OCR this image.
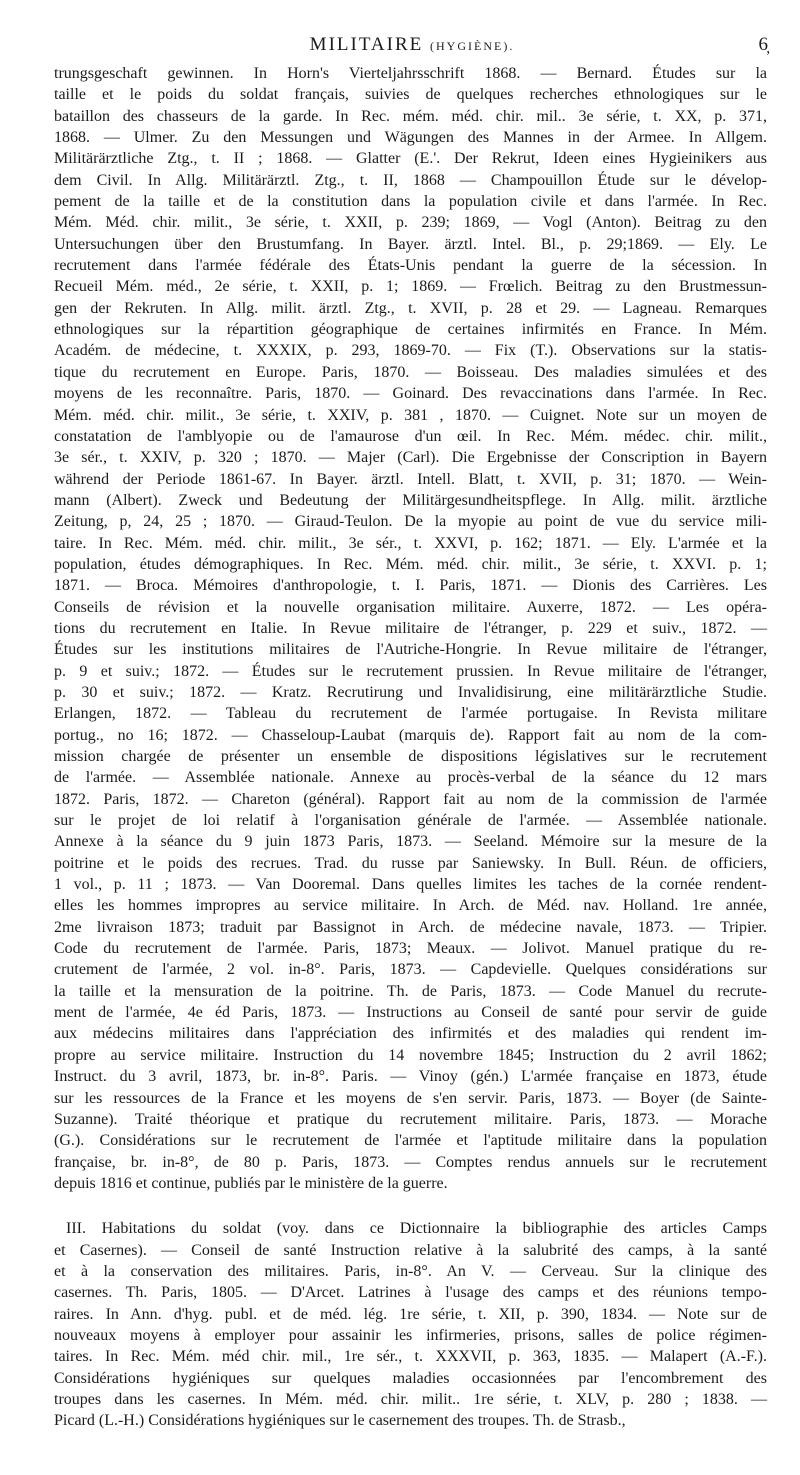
MILITAIRE (HYGIÈNE).	6̦
trungsgeschaft gewinnen. In Horn's Vierteljahrsschrift 1868. — Bernard. Études sur la
taille et le poids du soldat français, suivies de quelques recherches ethnologiques sur le
bataillon des chasseurs de la garde. In Rec. mém. méd. chir. mil.. 3e série, t. XX, p. 371,
1868. — Ulmer. Zu den Messungen und Wägungen des Mannes in der Armee. In Allgem.
Militärärztliche Ztg., t. II ; 1868. — Glatter (E.'. Der Rekrut, Ideen eines Hygieinikers aus
dem Civil. In Allg. Militärärztl. Ztg., t. II, 1868 — Champouillon Étude sur le dévelop-
pement de la taille et de la constitution dans la population civile et dans l'armée. In Rec.
Mém. Méd. chir. milit., 3e série, t. XXII, p. 239; 1869, — Vogl (Anton). Beitrag zu den
Untersuchungen über den Brustumfang. In Bayer. ärztl. Intel. Bl., p. 29;1869. — Ely. Le
recrutement dans l'armée fédérale des États-Unis pendant la guerre de la sécession. In
Recueil Mém. méd., 2e série, t. XXII, p. 1; 1869. — Frœlich. Beitrag zu den Brustmessun-
gen der Rekruten. In Allg. milit. ärztl. Ztg., t. XVII, p. 28 et 29. — Lagneau. Remarques
ethnologiques sur la répartition géographique de certaines infirmités en France. In Mém.
Académ. de médecine, t. XXXIX, p. 293, 1869-70. — Fix (T.). Observations sur la statis-
tique du recrutement en Europe. Paris, 1870. — Boisseau. Des maladies simulées et des
moyens de les reconnaître. Paris, 1870. — Goinard. Des revaccinations dans l'armée. In Rec.
Mém. méd. chir. milit., 3e série, t. XXIV, p. 381 , 1870. — Cuignet. Note sur un moyen de
constatation de l'amblyopie ou de l'amaurose d'un œil. In Rec. Mém. médec. chir. milit.,
3e sér., t. XXIV, p. 320 ; 1870. — Majer (Carl). Die Ergebnisse der Conscription in Bayern
während der Periode 1861-67. In Bayer. ärztl. Intell. Blatt, t. XVII, p. 31; 1870. — Wein-
mann (Albert). Zweck und Bedeutung der Militärgesundheitspflege. In Allg. milit. ärztliche
Zeitung, p, 24, 25 ; 1870. — Giraud-Teulon. De la myopie au point de vue du service mili-
taire. In Rec. Mém. méd. chir. milit., 3e sér., t. XXVI, p. 162; 1871. — Ely. L'armée et la
population, études démographiques. In Rec. Mém. méd. chir. milit., 3e série, t. XXVI. p. 1;
1871. — Broca. Mémoires d'anthropologie, t. I. Paris, 1871. — Dionis des Carrières. Les
Conseils de révision et la nouvelle organisation militaire. Auxerre, 1872. — Les opéra-
tions du recrutement en Italie. In Revue militaire de l'étranger, p. 229 et suiv., 1872. —
Études sur les institutions militaires de l'Autriche-Hongrie. In Revue militaire de l'étranger,
p. 9 et suiv.; 1872. — Études sur le recrutement prussien. In Revue militaire de l'étranger,
p. 30 et suiv.; 1872. — Kratz. Recrutirung und Invalidisirung, eine militärärztliche Studie.
Erlangen, 1872. — Tableau du recrutement de l'armée portugaise. In Revista militare
portug., no 16; 1872. — Chasseloup-Laubat (marquis de). Rapport fait au nom de la com-
mission chargée de présenter un ensemble de dispositions législatives sur le recrutement
de l'armée. — Assemblée nationale. Annexe au procès-verbal de la séance du 12 mars
1872. Paris, 1872. — Chareton (général). Rapport fait au nom de la commission de l'armée
sur le projet de loi relatif à l'organisation générale de l'armée. — Assemblée nationale.
Annexe à la séance du 9 juin 1873 Paris, 1873. — Seeland. Mémoire sur la mesure de la
poitrine et le poids des recrues. Trad. du russe par Saniewsky. In Bull. Réun. de officiers,
1 vol., p. 11 ; 1873. — Van Dooremal. Dans quelles limites les taches de la cornée rendent-
elles les hommes impropres au service militaire. In Arch. de Méd. nav. Holland. 1re année,
2me livraison 1873; traduit par Bassignot in Arch. de médecine navale, 1873. — Tripier.
Code du recrutement de l'armée. Paris, 1873; Meaux. — Jolivot. Manuel pratique du re-
crutement de l'armée, 2 vol. in-8°. Paris, 1873. — Capdevielle. Quelques considérations sur
la taille et la mensuration de la poitrine. Th. de Paris, 1873. — Code Manuel du recrute-
ment de l'armée, 4e éd Paris, 1873. — Instructions au Conseil de santé pour servir de guide
aux médecins militaires dans l'appréciation des infirmités et des maladies qui rendent im-
propre au service militaire. Instruction du 14 novembre 1845; Instruction du 2 avril 1862;
Instruct. du 3 avril, 1873, br. in-8°. Paris. — Vinoy (gén.) L'armée française en 1873, étude
sur les ressources de la France et les moyens de s'en servir. Paris, 1873. — Boyer (de Sainte-
Suzanne). Traité théorique et pratique du recrutement militaire. Paris, 1873. — Morache
(G.). Considérations sur le recrutement de l'armée et l'aptitude militaire dans la population
française, br. in-8°, de 80 p. Paris, 1873. — Comptes rendus annuels sur le recrutement
depuis 1816 et continue, publiés par le ministère de la guerre.
III. Habitations du soldat (voy. dans ce Dictionnaire la bibliographie des articles Camps
et Casernes). — Conseil de santé Instruction relative à la salubrité des camps, à la santé
et à la conservation des militaires. Paris, in-8°. An V. — Cerveau. Sur la clinique des
casernes. Th. Paris, 1805. — D'Arcet. Latrines à l'usage des camps et des réunions tempo-
raires. In Ann. d'hyg. publ. et de méd. lég. 1re série, t. XII, p. 390, 1834. — Note sur de
nouveaux moyens à employer pour assainir les infirmeries, prisons, salles de police régimen-
taires. In Rec. Mém. méd chir. mil., 1re sér., t. XXXVII, p. 363, 1835. — Malapert (A.-F.).
Considérations hygiéniques sur quelques maladies occasionnées par l'encombrement des
troupes dans les casernes. In Mém. méd. chir. milit.. 1re série, t. XLV, p. 280 ; 1838. —
Picard (L.-H.) Considérations hygiéniques sur le casernement des troupes. Th. de Strasb.,
